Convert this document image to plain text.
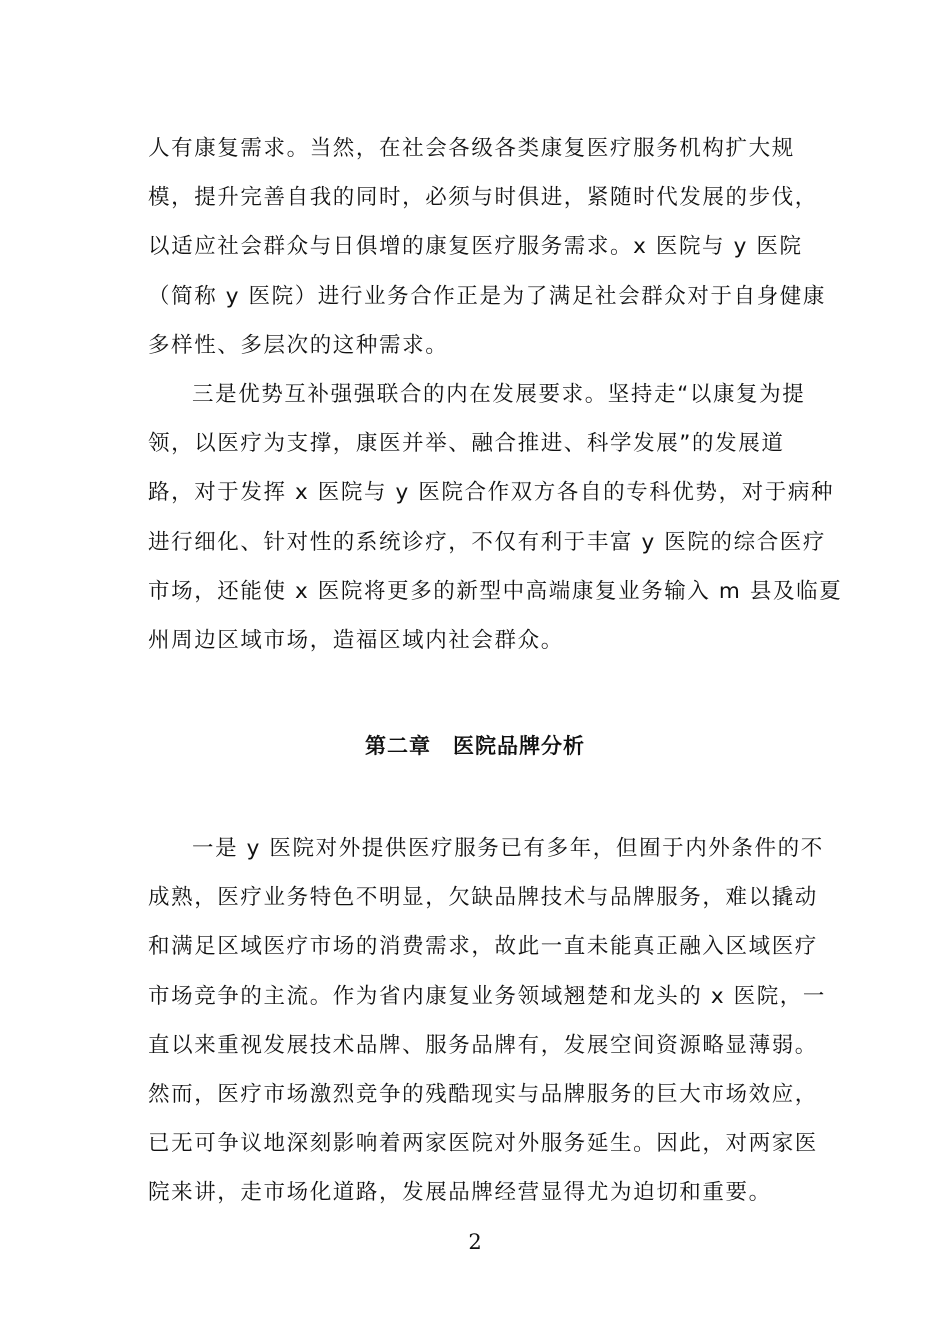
人有康复需求。当然，在社会各级各类康复医疗服务机构扩大规
模，提升完善自我的同时，必须与时俱进，紧随时代发展的步伐，
以适应社会群众与日俱增的康复医疗服务需求。x 医院与 y 医院
（简称 y 医院）进行业务合作正是为了满足社会群众对于自身健康
多样性、多层次的这种需求。
三是优势互补强强联合的内在发展要求。坚持走“以康复为提
领，以医疗为支撑，康医并举、融合推进、科学发展”的发展道
路，对于发挥 x 医院与 y 医院合作双方各自的专科优势，对于病种
进行细化、针对性的系统诊疗，不仅有利于丰富 y 医院的综合医疗
市场，还能使 x 医院将更多的新型中高端康复业务输入 m 县及临夏
州周边区域市场，造福区域内社会群众。
第二章　医院品牌分析
一是 y 医院对外提供医疗服务已有多年，但囿于内外条件的不
成熟，医疗业务特色不明显，欠缺品牌技术与品牌服务，难以撬动
和满足区域医疗市场的消费需求，故此一直未能真正融入区域医疗
市场竞争的主流。作为省内康复业务领域翘楚和龙头的 x 医院，一
直以来重视发展技术品牌、服务品牌有，发展空间资源略显薄弱。
然而，医疗市场激烈竞争的残酷现实与品牌服务的巨大市场效应，
已无可争议地深刻影响着两家医院对外服务延生。因此，对两家医
院来讲，走市场化道路，发展品牌经营显得尤为迫切和重要。
2
